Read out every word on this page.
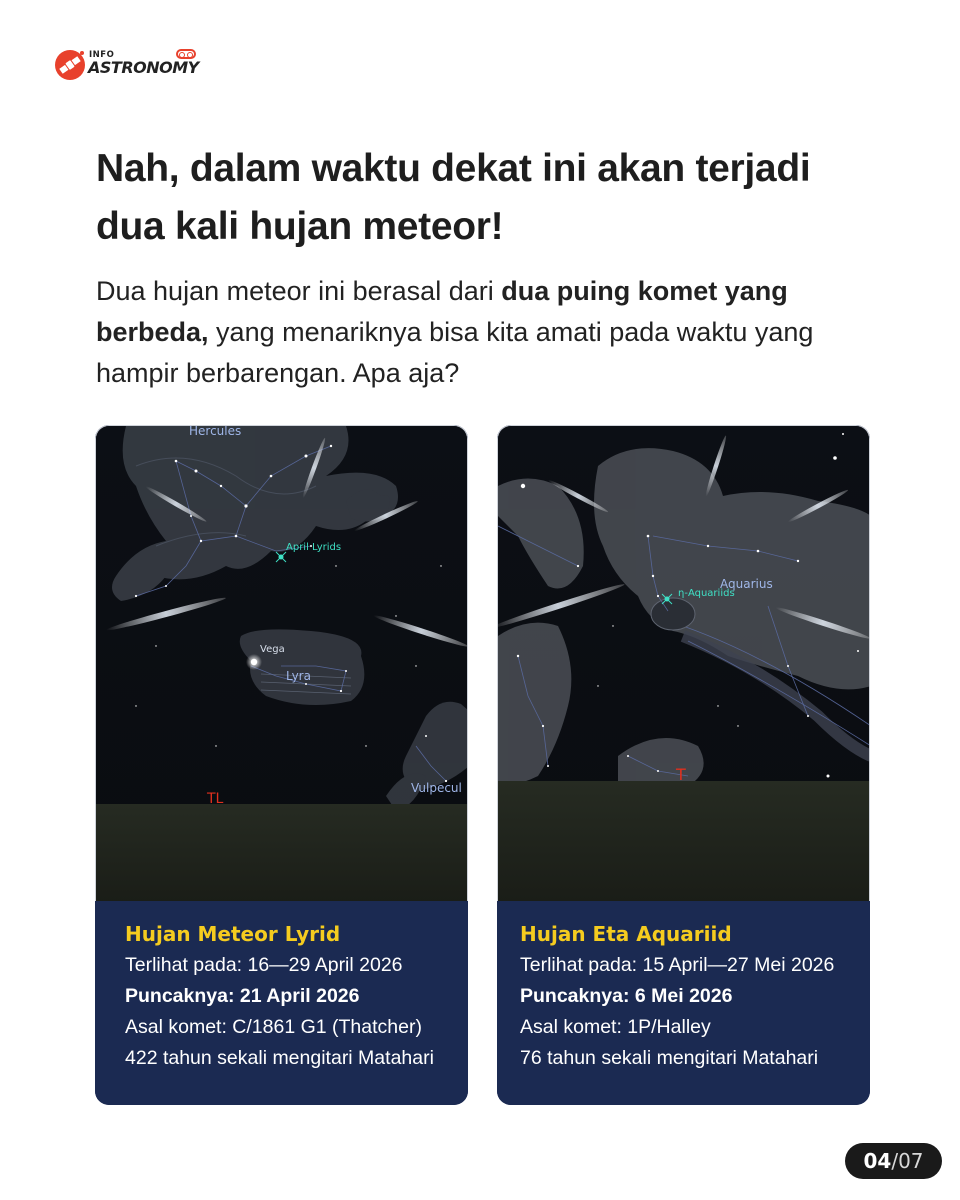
INFO
ASTRONOMY
Nah, dalam waktu dekat ini akan terjadi dua kali hujan meteor!

Dua hujan meteor ini berasal dari dua puing komet yang berbeda, yang menariknya bisa kita amati pada waktu yang hampir berbarengan. Apa aja?

Hercules
April Lyrids
Vega
Lyra
Vulpecul
TL
Hujan Meteor Lyrid
Terlihat pada: 16—29 April 2026
Puncaknya: 21 April 2026
Asal komet: C/1861 G1 (Thatcher)
422 tahun sekali mengitari Matahari
Aquarius
η-Aquariids
T
Hujan Eta Aquariid
Terlihat pada: 15 April—27 Mei 2026
Puncaknya: 6 Mei 2026
Asal komet: 1P/Halley
76 tahun sekali mengitari Matahari
04/07
